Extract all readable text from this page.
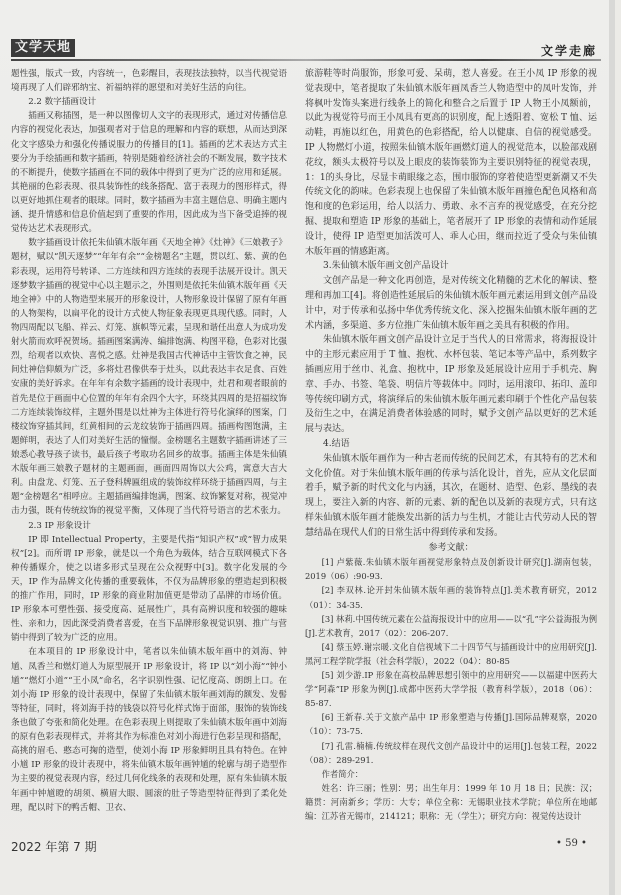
文学天地	文学走廊

题性强，版式一致，内容统一，色彩醒目，表现技法独特，以当代视觉语境再现了人们辟邪纳宝、祈福纳祥的愿望和对美好生活的向往。

2.2 数字插画设计

插画又称插图，是一种以图像切人文字的表现形式，通过对传播信息内容的视觉化表达，加强观者对于信息的理解和内容的联想，从而达到深化文字感染力和强化传播说服力的传播目的[1]。插画的艺术表达方式主要分为手绘插画和数字插画，特别是随着经济社会的不断发展，数字技术的不断提升，使数字插画在不同的载体中得到了更为广泛的应用和延展。其艳丽的色彩表现、很具装饰性的线条搭配、富于表现力的图形样式，得以更好地抓住观者的眼球。同时，数字插画为丰富主题信息、明确主题内涵、提升情感和信息价值起到了重要的作用，因此成为当下备受追捧的视觉传达艺术表现形式。

数字插画设计依托朱仙镇木版年画《天地全神》《灶神》《三娘教子》题材，赋以“凯天逐梦”“年年有余”“金榜题名”主题，贯以红、紫、黄的色彩表现，运用符号转译、二方连续和四方连续的表现手法展开设计。凯天逐梦数字插画的视觉中心以主题示之，外围则是依托朱仙镇木版年画《天地全神》中的人物造型来展开的形象设计，人物形象设计保留了原有年画的人物架构，以扁平化的设计方式使人物征象表现更具现代感。同时，人物四周配以飞船、祥云、灯笼、旗帜等元素，呈现和谐任出意人为成功发射火箭而欢呼祝贺场。插画图案满涛、编排饱满、构图平稳，色彩对比强烈，给观者以欢快、喜悦之感。灶神是我国古代神话中主管饮食之神，民间灶神信仰颇为广泛，多将灶君像供奉于灶头，以此表达丰衣足食、百姓安康的美好诉求。在年年有余数字插画的设计表现中，灶君和观者眼前的首先是位于画面中心位置的年年有余四个大字，环绕其四周的是招福纹饰二方连续装饰纹样，主题外围是以灶神为主体进行符号化演绎的图案，门楼纹饰穿插其间，红黄相间的云龙纹装饰于插画四周。插画构图饱满，主题鲜明，表达了人们对美好生活的憧憬。金榜题名主题数字插画讲述了三娘悉心教导孩子读书，最后孩子考取功名回乡的故事。插画主体是朱仙镇木版年画三娘教子题材的主题画面，画面四周饰以大公鸡，寓意大吉大利。由盘龙、灯笼、五子登科牌匾组成的装饰纹样环绕于插画四周，与主题“金榜题名”相呼应。主题插画编排饱满，图案、纹饰繁复对称，视觉冲击力强，既有传统纹饰的视觉平衡，又体现了当代符号语言的艺术张力。

2.3 IP 形象设计

IP 即 Intellectual Property，主要是代指“知识产权”或“智力成果权”[2]。而所谓 IP 形象，就是以一个角色为载体，结合互联网模式下各种传播媒介，使之以诸多形式呈现在公众视野中[3]。数字化发展的今天，IP 作为品牌文化传播的重要载体，不仅为品牌形象的塑造起到积极的推广作用，同时，IP 形象的商业附加值更是带动了品牌的市场价值。IP 形象本可塑性强、接受度高、延展性广，具有高辨识度和较强的趣味性、亲和力，因此深受消费者喜爱，在当下品牌形象视觉识别、推广与营销中得到了较为广泛的应用。

在本项目的 IP 形象设计中，笔者以朱仙镇木版年画中的刘海、钟馗、凤香兰和燃灯道人为原型展开 IP 形象设计，将 IP 以“刘小海”“钟小馗”“燃灯小道”“王小凤”命名，名字识别性强、记忆度高、朗朗上口。在刘小海 IP 形象的设计表现中，保留了朱仙镇木版年画刘海的额发、发髻等特征，同时，将刘海手持的钱袋以符号化样式饰于面部，服饰的装饰线条也做了夸张和简化处理。在色彩表现上则提取了朱仙镇木版年画中刘海的原有色彩表现样式，并将其作为标准色对刘小海进行色彩呈现和搭配，高挑的眉毛、憨态可掬的造型，使刘小海 IP 形象鲜明且具有特色。在钟小馗 IP 形象的设计表现中，将朱仙镇木版年画钟馗的轮廓与胡子造型作为主要的视觉表现内容，经过几何化线条的表现和处理，原有朱仙镇木版年画中钟馗瞪的胡须、横眉大眼、圆滚的肚子等造型特征得到了柔化处理，配以时下的鸭舌帽、卫衣、

旅游鞋等时尚服饰，形象可爱、呆萌，惹人喜爱。在王小凤 IP 形象的视觉表现中，笔者提取了朱仙镇木版年画凤香兰人物造型中的凤叶发饰，并将枫叶发饰头案进行线条上的简化和整合之后置于 IP 人物王小凤额前，以此为视觉符号而王小凤具有更高的识别度，配上透阳着、宽松 T 恤、运动鞋，再施以红色，用黄色的色彩搭配，给人以健康、自信的视觉感受。IP 人物燃灯小道，按照朱仙镇木版年画燃灯道人的视觉范本，以脸部戏剧花纹，额头太极符号以及上眼皮的装饰装饰为主要识别特征的视觉表现，1：1的头身比，尽显卡萌眼缘之态，围巾服饰的穿着使造型更新潮又不失传统文化的韵味。色彩表现上也保留了朱仙镇木版年画撞色配色风格和高饱和度的色彩运用，给人以活力、勇敢、永不言弃的视觉感受，在充分挖掘、提取和塑造 IP 形象的基础上，笔者展开了 IP 形象的表情和动作延展设计，使得 IP 造型更加活泼可人、乖人心田，继而拉近了受众与朱仙镇木版年画的情感距离。

3.朱仙镇木版年画文创产品设计

文创产品是一种文化再创造，是对传统文化精髓的艺术化的解读、整理和再加工[4]。将创造性延展后的朱仙镇木版年画元素运用到文创产品设计中，对于传承和弘扬中华优秀传统文化、深入挖掘朱仙镇木版年画的艺术内涵，多渠道、多方位推广朱仙镇木版年画之美具有积极的作用。

朱仙镇木版年画文创产品设计立足于当代人的日常需求，将海报设计中的主形元素应用于 T 恤、抱枕、水杯包装、笔记本等产品中，系列数字插画应用于丝巾、礼盒、抱枕中，IP 形象及延展设计应用于手机壳、胸章、手办、书签、笔袋、明信片等载体中。同时，运用滚印、拓印、盖印等传统印刷方式，将演绎后的朱仙镇木版年画元素印刷于个性化产品包装及衍生之中，在满足消费者体验感的同时，赋予文创产品以更好的艺术延展与表达。

4.结语

朱仙镇木版年画作为一种古老而传统的民间艺术，有其特有的艺术和文化价值。对于朱仙镇木版年画的传承与活化设计，首先，应从文化层面着手，赋予新的时代文化与内涵，其次，在题材、造型、色彩、墨线的表现上，要注入新的内容、新的元素、新的配色以及新的表现方式，只有这样朱仙镇木版年画才能焕发出新的活力与生机，才能让古代劳动人民的智慧结晶在现代人们的日常生活中得到传承和发扬。

参考文献：

[1] 卢紫薇.朱仙镇木版年画视觉形象特点及创新设计研究[J].湖南包装，2019（06）:90-93.

[2] 李双林.论开封朱仙镇木版年画的装饰特点[J].美术教育研究，2012（01）：34-35.

[3] 林莉.中国传统元素在公益海报设计中的应用——以“孔”字公益海报为例[J].艺术教育，2017（02）：206-207.

[4] 蔡玉婷.谢宗暖.文化自信视域下二十四节气与插画设计中的应用研究[J].黑河工程学院学报（社会科学版），2022（04）：80-85

[5] 刘少游.IP 形象在高校品牌思想引领中的应用研究——以福建中医药大学“阿森”IP 形象为例[J].成都中医药大学学报（教育科学版），2018（06）：85-87.

[6] 王新春.关于文旅产品中 IP 形象塑造与传播[J].国际品牌观察，2020（10）：73-75.

[7] 孔雷.楠楠.传统纹样在现代文创产品设计中的运用[J].包装工程，2022（08）：289-291.

作者简介：

姓名：许三丽；性别：男；出生年月：1999 年 10 月 18 日；民族：汉；籍贯：河南新乡；学历：大专；单位全称：无锡职业技术学院；单位所在地邮编：江苏省无锡市，214121；职称：无（学生）；研究方向：视觉传达设计

2022 年第 7 期	• 59 •
